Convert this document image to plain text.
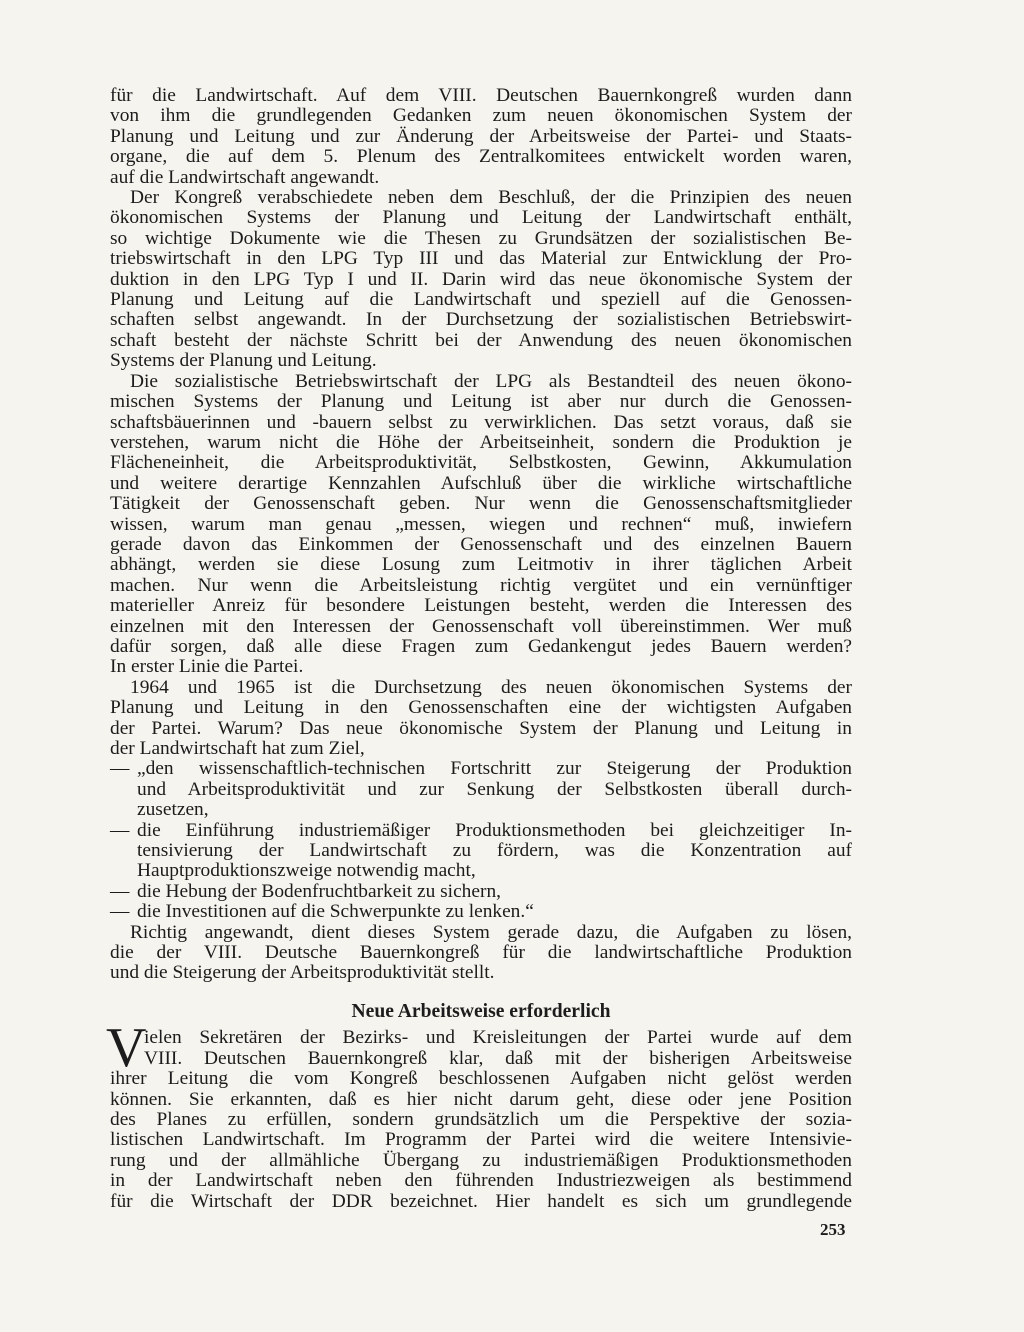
für die Landwirtschaft. Auf dem VIII. Deutschen Bauernkongreß wurden dann
von ihm die grundlegenden Gedanken zum neuen ökonomischen System der
Planung und Leitung und zur Änderung der Arbeitsweise der Partei- und Staats-
organe, die auf dem 5. Plenum des Zentralkomitees entwickelt worden waren,
auf die Landwirtschaft angewandt.
Der Kongreß verabschiedete neben dem Beschluß, der die Prinzipien des neuen
ökonomischen Systems der Planung und Leitung der Landwirtschaft enthält,
so wichtige Dokumente wie die Thesen zu Grundsätzen der sozialistischen Be-
triebswirtschaft in den LPG Typ III und das Material zur Entwicklung der Pro-
duktion in den LPG Typ I und II. Darin wird das neue ökonomische System der
Planung und Leitung auf die Landwirtschaft und speziell auf die Genossen-
schaften selbst angewandt. In der Durchsetzung der sozialistischen Betriebswirt-
schaft besteht der nächste Schritt bei der Anwendung des neuen ökonomischen
Systems der Planung und Leitung.
Die sozialistische Betriebswirtschaft der LPG als Bestandteil des neuen ökono-
mischen Systems der Planung und Leitung ist aber nur durch die Genossen-
schaftsbäuerinnen und -bauern selbst zu verwirklichen. Das setzt voraus, daß sie
verstehen, warum nicht die Höhe der Arbeitseinheit, sondern die Produktion je
Flächeneinheit, die Arbeitsproduktivität, Selbstkosten, Gewinn, Akkumulation
und weitere derartige Kennzahlen Aufschluß über die wirkliche wirtschaftliche
Tätigkeit der Genossenschaft geben. Nur wenn die Genossenschaftsmitglieder
wissen, warum man genau „messen, wiegen und rechnen“ muß, inwiefern
gerade davon das Einkommen der Genossenschaft und des einzelnen Bauern
abhängt, werden sie diese Losung zum Leitmotiv in ihrer täglichen Arbeit
machen. Nur wenn die Arbeitsleistung richtig vergütet und ein vernünftiger
materieller Anreiz für besondere Leistungen besteht, werden die Interessen des
einzelnen mit den Interessen der Genossenschaft voll übereinstimmen. Wer muß
dafür sorgen, daß alle diese Fragen zum Gedankengut jedes Bauern werden?
In erster Linie die Partei.
1964 und 1965 ist die Durchsetzung des neuen ökonomischen Systems der
Planung und Leitung in den Genossenschaften eine der wichtigsten Aufgaben
der Partei. Warum? Das neue ökonomische System der Planung und Leitung in
der Landwirtschaft hat zum Ziel,
— „den wissenschaftlich-technischen Fortschritt zur Steigerung der Produktion
und Arbeitsproduktivität und zur Senkung der Selbstkosten überall durch-
zusetzen,
— die Einführung industriemäßiger Produktionsmethoden bei gleichzeitiger In-
tensivierung der Landwirtschaft zu fördern, was die Konzentration auf
Hauptproduktionszweige notwendig macht,
— die Hebung der Bodenfruchtbarkeit zu sichern,
— die Investitionen auf die Schwerpunkte zu lenken.“
Richtig angewandt, dient dieses System gerade dazu, die Aufgaben zu lösen,
die der VIII. Deutsche Bauernkongreß für die landwirtschaftliche Produktion
und die Steigerung der Arbeitsproduktivität stellt.
Neue Arbeitsweise erforderlich
V
ielen Sekretären der Bezirks- und Kreisleitungen der Partei wurde auf dem
VIII. Deutschen Bauernkongreß klar, daß mit der bisherigen Arbeitsweise
ihrer Leitung die vom Kongreß beschlossenen Aufgaben nicht gelöst werden
können. Sie erkannten, daß es hier nicht darum geht, diese oder jene Position
des Planes zu erfüllen, sondern grundsätzlich um die Perspektive der sozia-
listischen Landwirtschaft. Im Programm der Partei wird die weitere Intensivie-
rung und der allmähliche Übergang zu industriemäßigen Produktionsmethoden
in der Landwirtschaft neben den führenden Industriezweigen als bestimmend
für die Wirtschaft der DDR bezeichnet. Hier handelt es sich um grundlegende
253
